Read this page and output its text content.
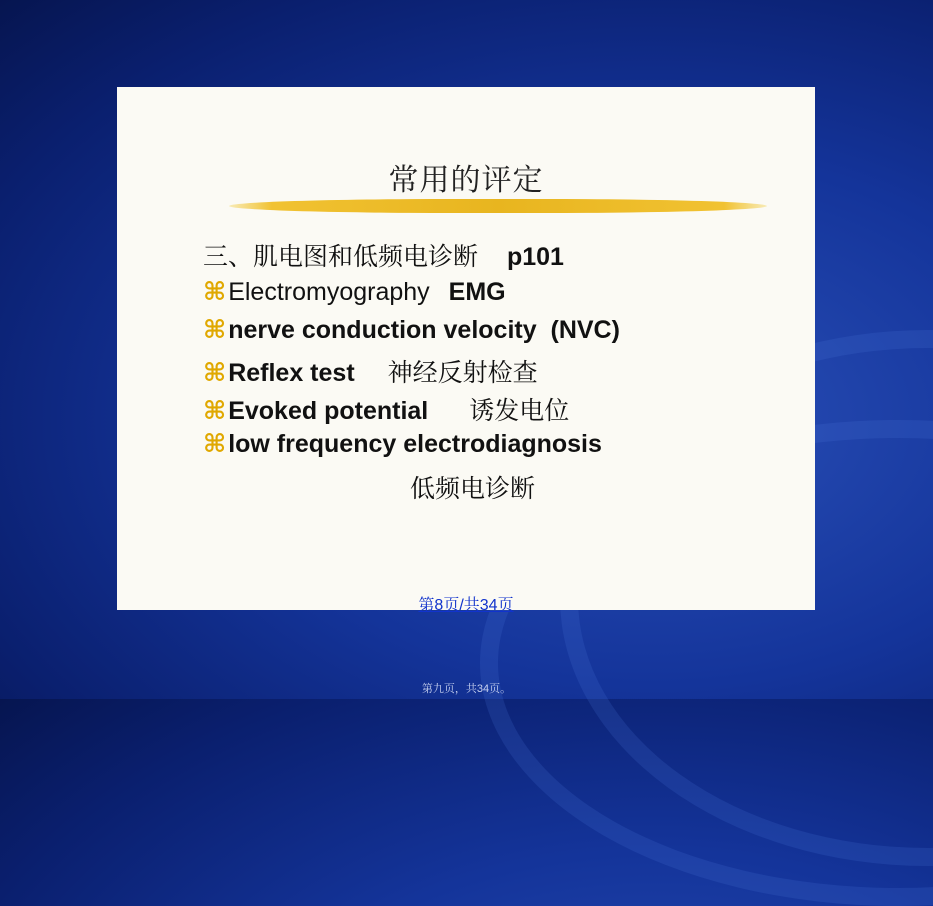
常用的评定
三、肌电图和低频电诊断 p101
⌘Electromyography EMG
⌘nerve conduction velocity  (NVC)
⌘Reflex test 神经反射检查
⌘Evoked potential 诱发电位
⌘low frequency electrodiagnosis
低频电诊断
第8页/共34页
第九页，共34页。
